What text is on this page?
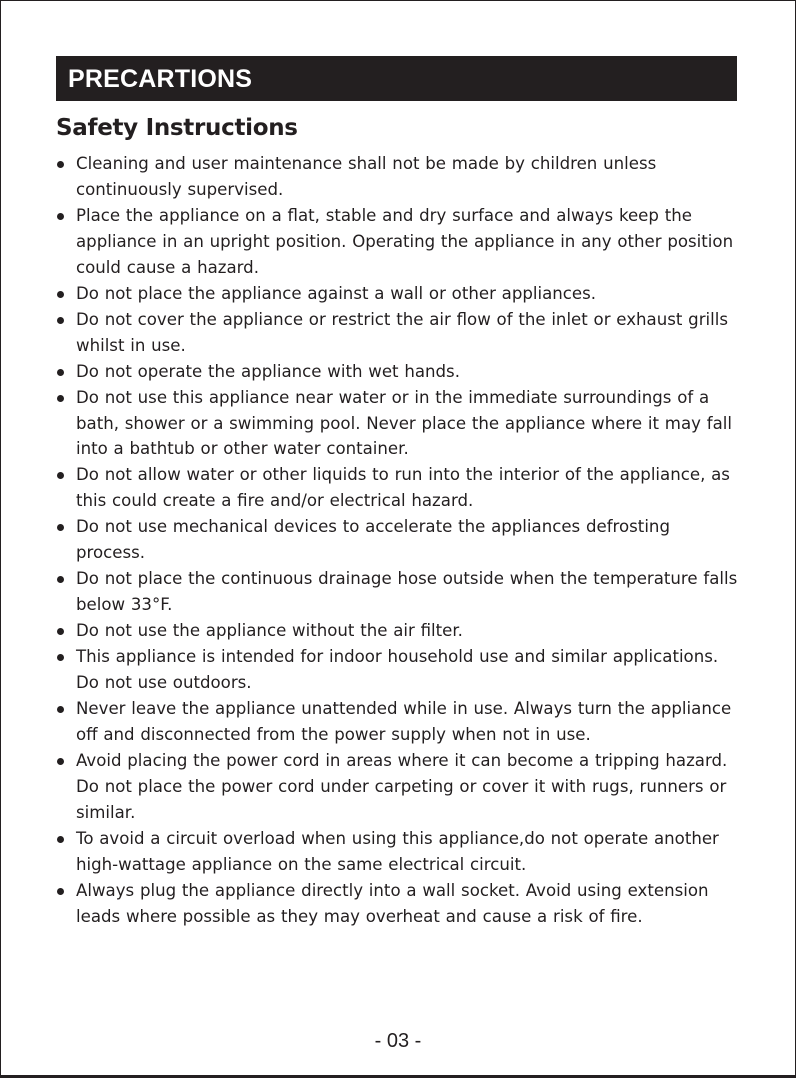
PRECARTIONS
Safety Instructions
Cleaning and user maintenance shall not be made by children unless continuously supervised.
Place the appliance on a flat, stable and dry surface and always keep the appliance in an upright position. Operating the appliance in any other position could cause a hazard.
Do not place the appliance against a wall or other appliances.
Do not cover the appliance or restrict the air flow of the inlet or exhaust grills whilst in use.
Do not operate the appliance with wet hands.
Do not use this appliance near water or in the immediate surroundings of a bath, shower or a swimming pool. Never place the appliance where it may fall into a bathtub or other water container.
Do not allow water or other liquids to run into the interior of the appliance, as this could create a fire and/or electrical hazard.
Do not use mechanical devices to accelerate the appliances defrosting process.
Do not place the continuous drainage hose outside when the temperature falls below 33°F.
Do not use the appliance without the air filter.
This appliance is intended for indoor household use and similar applications. Do not use outdoors.
Never leave the appliance unattended while in use. Always turn the appliance off and disconnected from the power supply when not in use.
Avoid placing the power cord in areas where it can become a tripping hazard. Do not place the power cord under carpeting or cover it with rugs, runners or similar.
To avoid a circuit overload when using this appliance,do not operate another high-wattage appliance on the same electrical circuit.
Always plug the appliance directly into a wall socket. Avoid using extension leads where possible as they may overheat and cause a risk of fire.
- 03 -
